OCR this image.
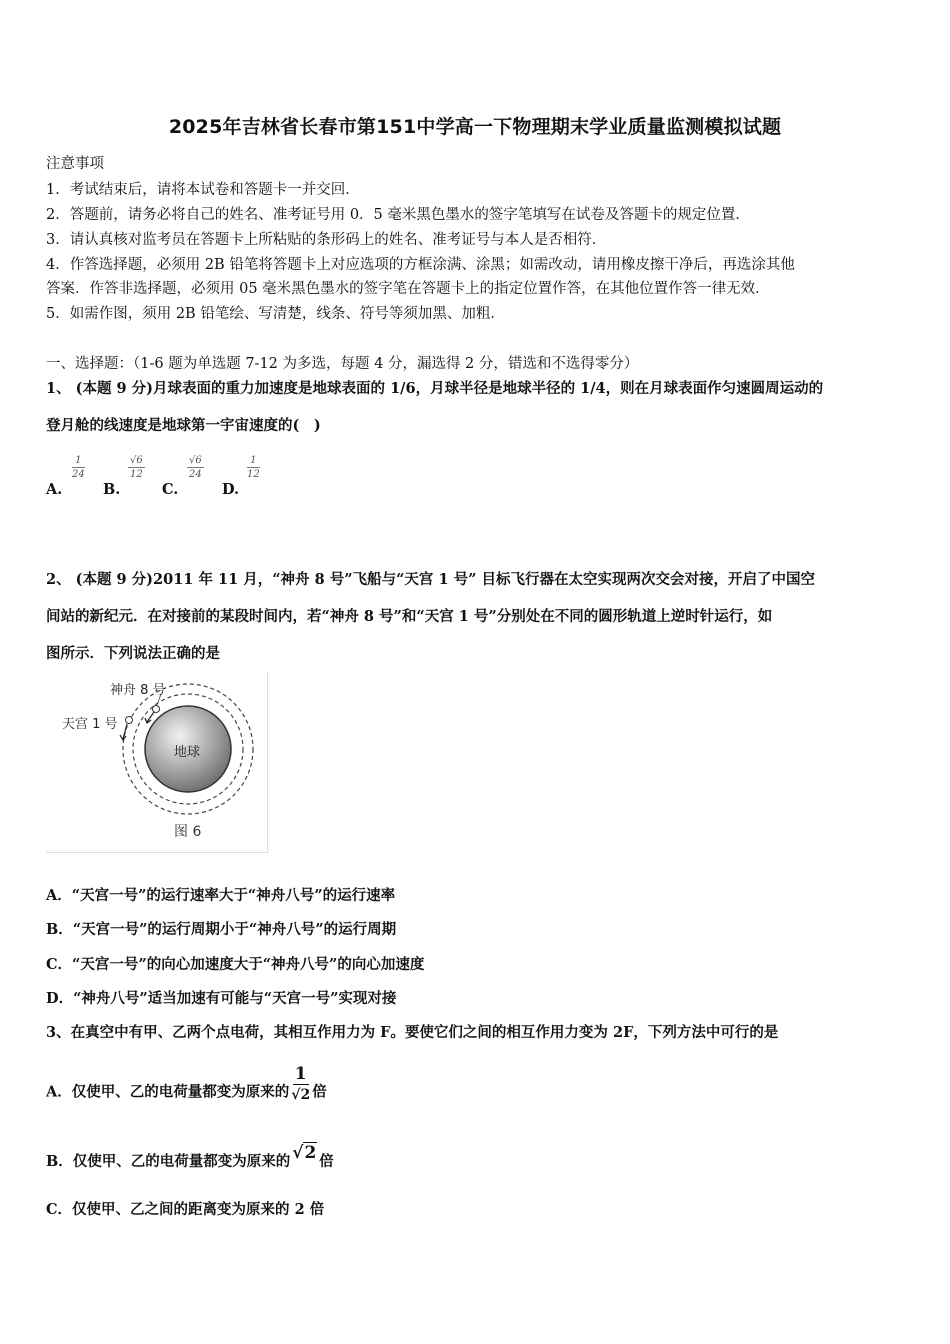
2025年吉林省长春市第151中学高一下物理期末学业质量监测模拟试题
注意事项
1．考试结束后，请将本试卷和答题卡一并交回．
2．答题前，请务必将自己的姓名、准考证号用 0．5 毫米黑色墨水的签字笔填写在试卷及答题卡的规定位置．
3．请认真核对监考员在答题卡上所粘贴的条形码上的姓名、准考证号与本人是否相符．
4．作答选择题，必须用 2B 铅笔将答题卡上对应选项的方框涂满、涂黑；如需改动，请用橡皮擦干净后，再选涂其他
答案．作答非选择题，必须用 05 毫米黑色墨水的签字笔在答题卡上的指定位置作答，在其他位置作答一律无效．
5．如需作图，须用 2B 铅笔绘、写清楚，线条、符号等须加黑、加粗．
一、选择题：（1-6 题为单选题 7-12 为多选，每题 4 分，漏选得 2 分，错选和不选得零分）
1、 (本题 9 分)月球表面的重力加速度是地球表面的 1/6，月球半径是地球半径的 1/4，则在月球表面作匀速圆周运动的
登月舱的线速度是地球第一宇宙速度的(　)
A.
$\frac{1}{24}$
B.
$\frac{√6}{12}$
C.
$\frac{√6}{24}$
D.
$\frac{1}{12}$
2、 (本题 9 分)2011 年 11 月，“神舟 8 号”飞船与“天宫 1 号” 目标飞行器在太空实现两次交会对接，开启了中国空
间站的新纪元．在对接前的某段时间内，若“神舟 8 号”和“天宫 1 号”分别处在不同的圆形轨道上逆时针运行，如
图所示．下列说法正确的是
神舟 8 号
天宫 1 号
地球
图 6
A．“天宫一号”的运行速率大于“神舟八号”的运行速率
B．“天宫一号”的运行周期小于“神舟八号”的运行周期
C．“天宫一号”的向心加速度大于“神舟八号”的向心加速度
D．“神舟八号”适当加速有可能与“天宫一号”实现对接
3、在真空中有甲、乙两个点电荷，其相互作用力为 F。要使它们之间的相互作用力变为 2F，下列方法中可行的是
A．仅使甲、乙的电荷量都变为原来的
1
√2 倍
B．仅使甲、乙的电荷量都变为原来的 √2 倍
C．仅使甲、乙之间的距离变为原来的 2 倍
